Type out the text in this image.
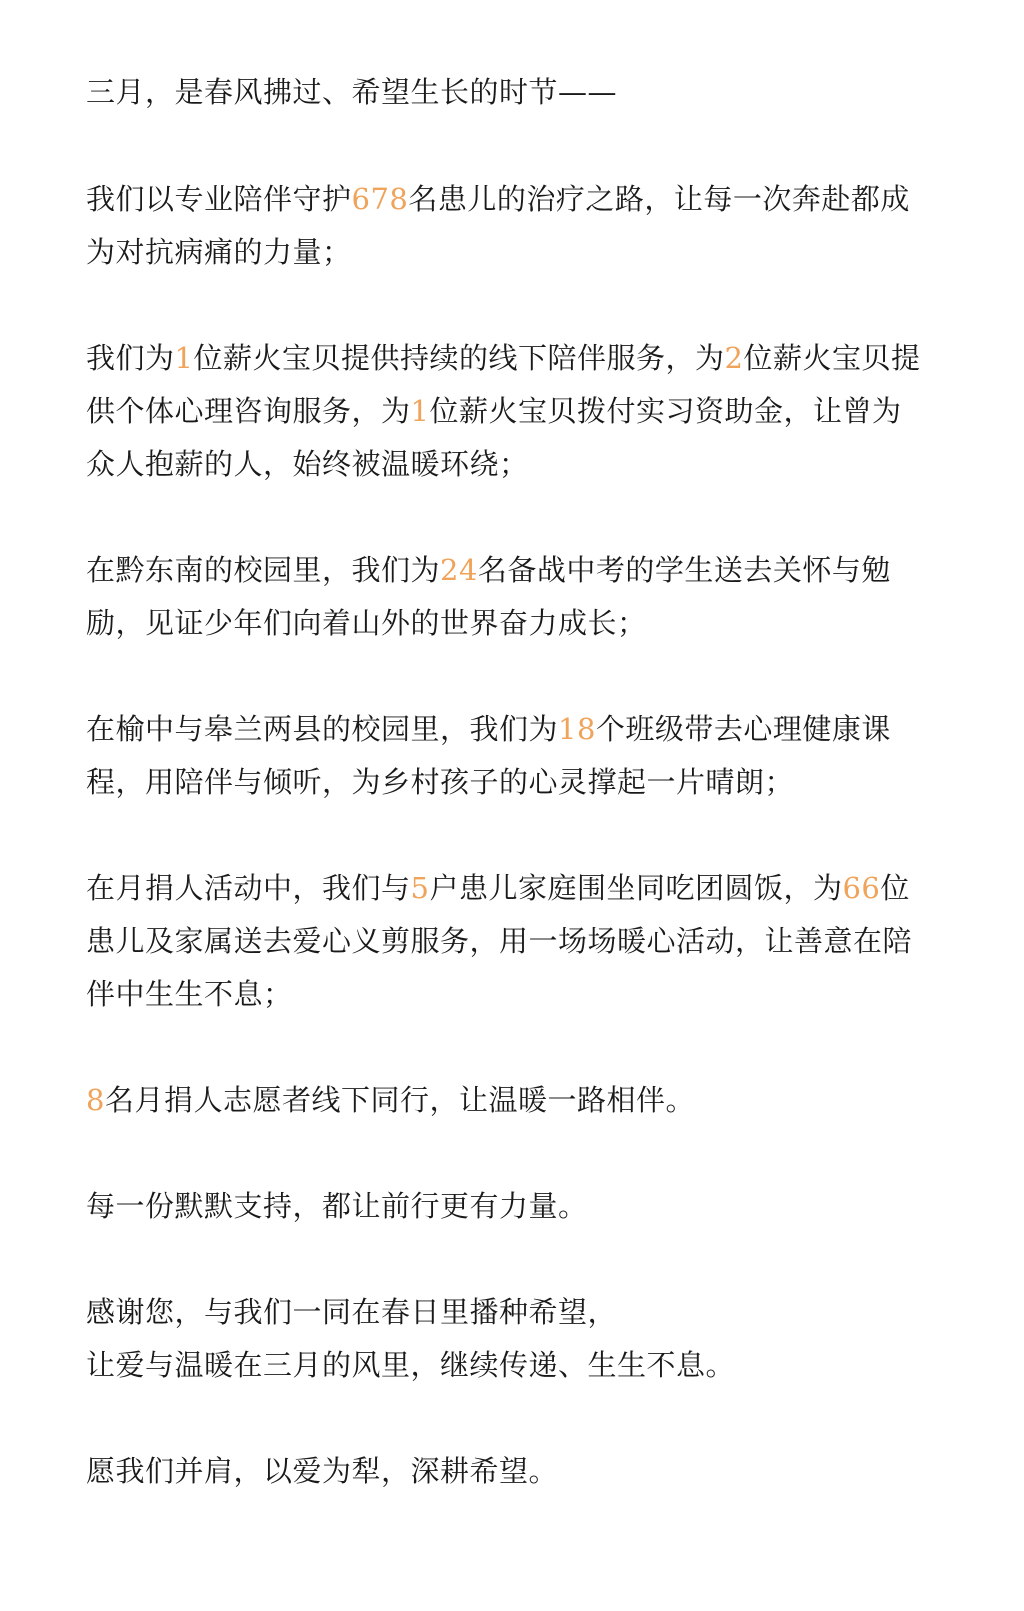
三月，是春风拂过、希望生长的时节——

我们以专业陪伴守护678名患儿的治疗之路，让每一次奔赴都成为对抗病痛的力量；

我们为1位薪火宝贝提供持续的线下陪伴服务，为2位薪火宝贝提供个体心理咨询服务，为1位薪火宝贝拨付实习资助金，让曾为众人抱薪的人，始终被温暖环绕；

在黔东南的校园里，我们为24名备战中考的学生送去关怀与勉励，见证少年们向着山外的世界奋力成长；

在榆中与皋兰两县的校园里，我们为18个班级带去心理健康课程，用陪伴与倾听，为乡村孩子的心灵撑起一片晴朗；

在月捐人活动中，我们与5户患儿家庭围坐同吃团圆饭，为66位患儿及家属送去爱心义剪服务，用一场场暖心活动，让善意在陪伴中生生不息；

8名月捐人志愿者线下同行，让温暖一路相伴。

每一份默默支持，都让前行更有力量。

感谢您，与我们一同在春日里播种希望，
让爱与温暖在三月的风里，继续传递、生生不息。

愿我们并肩，以爱为犁，深耕希望。
